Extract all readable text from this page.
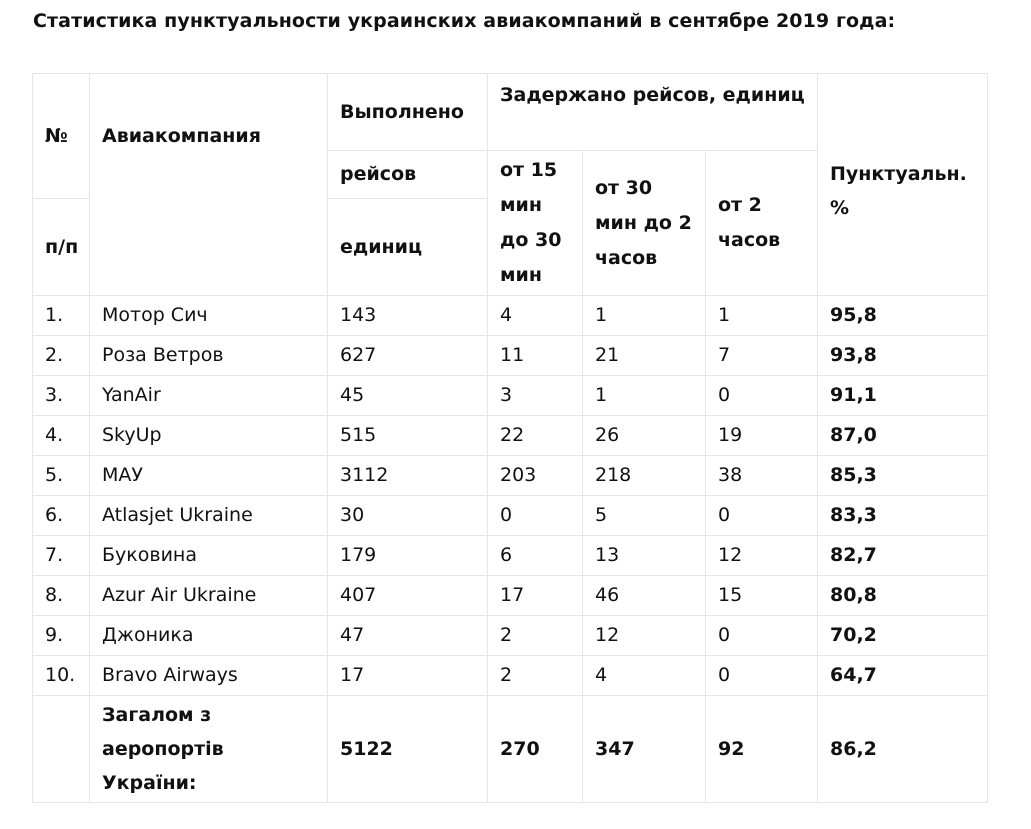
Статистика пунктуальности украинских авиакомпаний в сентябре 2019 года:
№	Авиакомпания	Выполнено	Задержано рейсов, единиц			Пунктуальн. %
		рейсов	от 15 мин до 30 мин	от 30 мин до 2 часов	от 2 часов	
п/п		единиц				
1.	Мотор Сич	143	4	1	1	95,8
2.	Роза Ветров	627	11	21	7	93,8
3.	YanAir	45	3	1	0	91,1
4.	SkyUp	515	22	26	19	87,0
5.	МАУ	3112	203	218	38	85,3
6.	Atlasjet Ukraine	30	0	5	0	83,3
7.	Буковина	179	6	13	12	82,7
8.	Azur Air Ukraine	407	17	46	15	80,8
9.	Джоника	47	2	12	0	70,2
10.	Bravo Airways	17	2	4	0	64,7
	Загалом з аеропортів України:	5122	270	347	92	86,2
